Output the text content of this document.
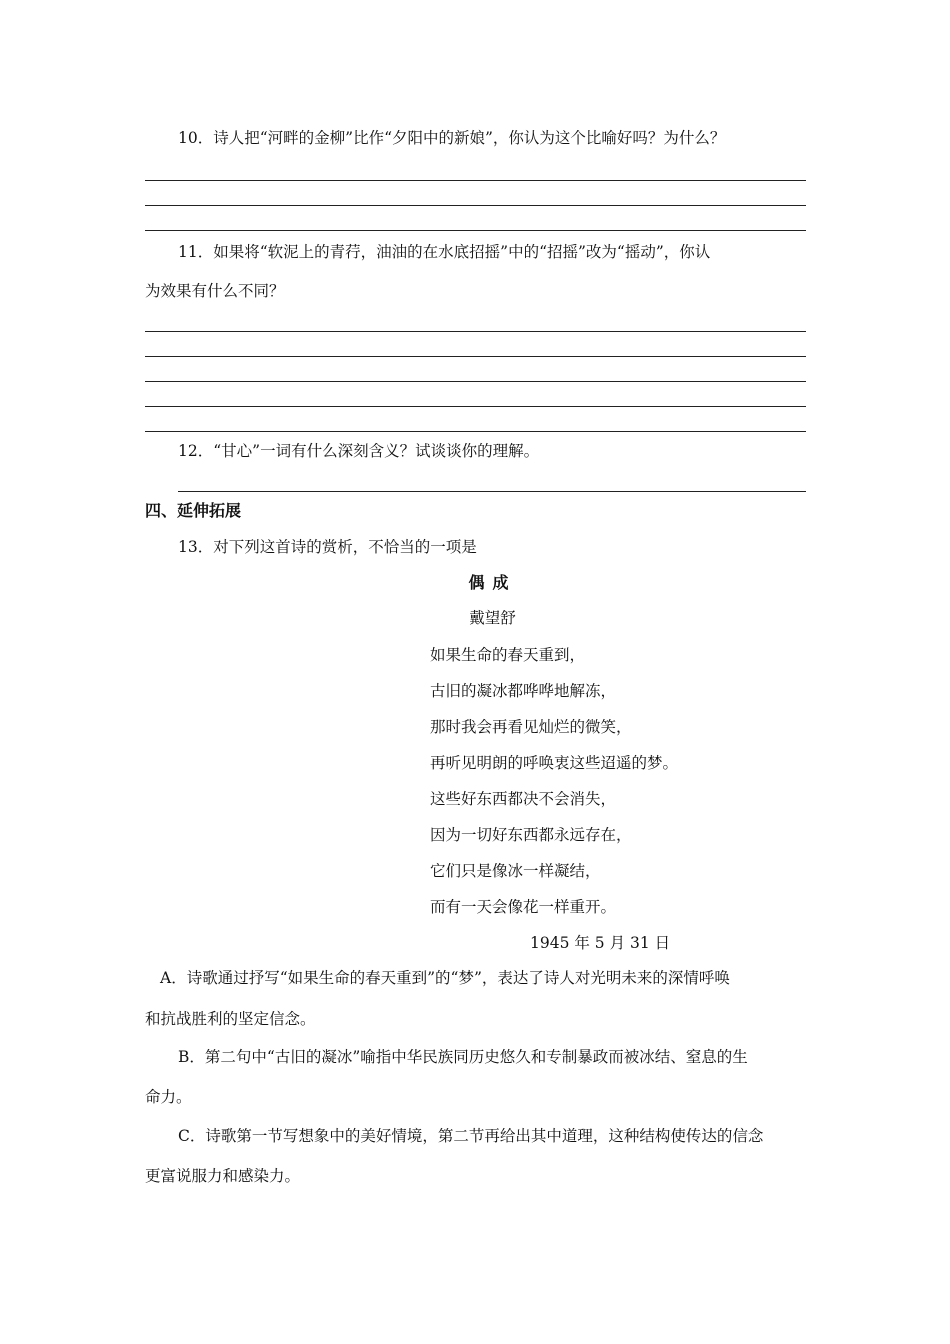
10．诗人把“河畔的金柳”比作“夕阳中的新娘”，你认为这个比喻好吗？为什么？
11．如果将“软泥上的青荇，油油的在水底招摇”中的“招摇”改为“摇动”，你认
为效果有什么不同？
12．“甘心”一词有什么深刻含义？试谈谈你的理解。
四、延伸拓展
13．对下列这首诗的赏析，不恰当的一项是
偶成
戴望舒
如果生命的春天重到，
古旧的凝冰都哗哗地解冻，
那时我会再看见灿烂的微笑，
再听见明朗的呼唤衷这些迢遥的梦。
这些好东西都决不会消失，
因为一切好东西都永远存在，
它们只是像冰一样凝结，
而有一天会像花一样重开。
1945 年 5 月 31 日
A．诗歌通过抒写“如果生命的春天重到”的“梦”，表达了诗人对光明未来的深情呼唤
和抗战胜利的坚定信念。
B．第二句中“古旧的凝冰”喻指中华民族同历史悠久和专制暴政而被冰结、窒息的生
命力。
C．诗歌第一节写想象中的美好情境，第二节再给出其中道理，这种结构使传达的信念
更富说服力和感染力。
